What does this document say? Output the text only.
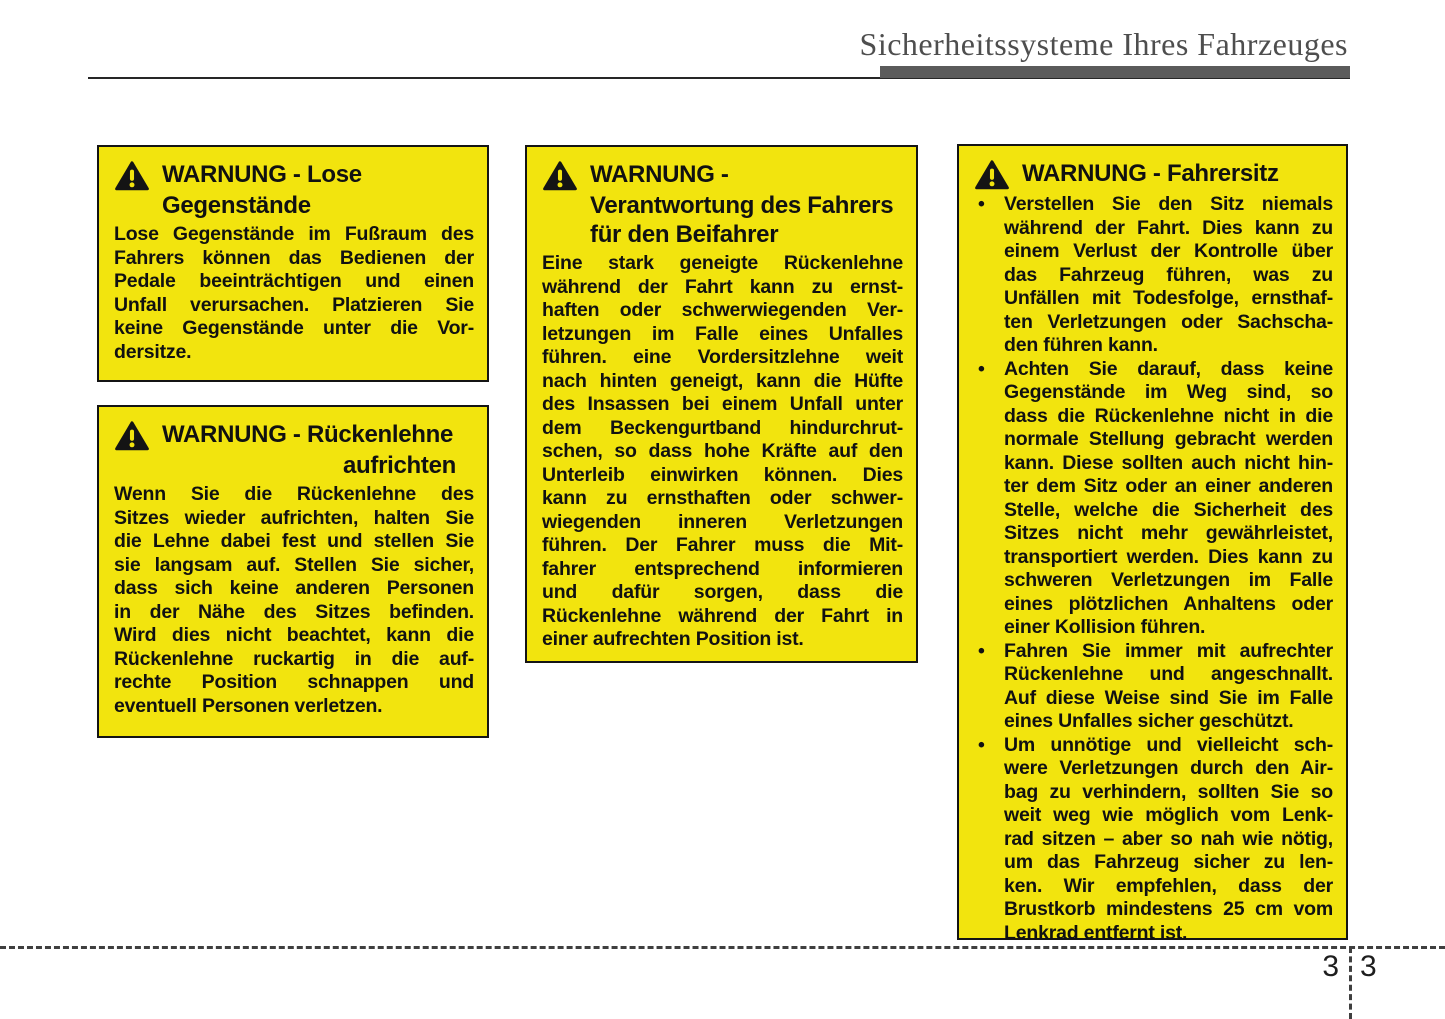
Sicherheitssysteme Ihres Fahrzeuges
WARNUNG - Lose
Gegenstände
Lose Gegenstände im Fußraum des
Fahrers können das Bedienen der
Pedale beeinträchtigen und einen
Unfall verursachen. Platzieren Sie
keine Gegenstände unter die Vor-
dersitze.
WARNUNG - Rückenlehne
aufrichten
Wenn Sie die Rückenlehne des
Sitzes wieder aufrichten, halten Sie
die Lehne dabei fest und stellen Sie
sie langsam auf. Stellen Sie sicher,
dass sich keine anderen Personen
in der Nähe des Sitzes befinden.
Wird dies nicht beachtet, kann die
Rückenlehne ruckartig in die auf-
rechte Position schnappen und
eventuell Personen verletzen.
WARNUNG -
Verantwortung des Fahrers
für den Beifahrer
Eine stark geneigte Rückenlehne
während der Fahrt kann zu ernst-
haften oder schwerwiegenden Ver-
letzungen im Falle eines Unfalles
führen. eine Vordersitzlehne weit
nach hinten geneigt, kann die Hüfte
des Insassen bei einem Unfall unter
dem Beckengurtband hindurchrut-
schen, so dass hohe Kräfte auf den
Unterleib einwirken können. Dies
kann zu ernsthaften oder schwer-
wiegenden inneren Verletzungen
führen. Der Fahrer muss die Mit-
fahrer entsprechend informieren
und dafür sorgen, dass die
Rückenlehne während der Fahrt in
einer aufrechten Position ist.
WARNUNG - Fahrersitz
• Verstellen Sie den Sitz niemals
während der Fahrt. Dies kann zu
einem Verlust der Kontrolle über
das Fahrzeug führen, was zu
Unfällen mit Todesfolge, ernsthaf-
ten Verletzungen oder Sachscha-
den führen kann.
• Achten Sie darauf, dass keine
Gegenstände im Weg sind, so
dass die Rückenlehne nicht in die
normale Stellung gebracht werden
kann. Diese sollten auch nicht hin-
ter dem Sitz oder an einer anderen
Stelle, welche die Sicherheit des
Sitzes nicht mehr gewährleistet,
transportiert werden. Dies kann zu
schweren Verletzungen im Falle
eines plötzlichen Anhaltens oder
einer Kollision führen.
• Fahren Sie immer mit aufrechter
Rückenlehne und angeschnallt.
Auf diese Weise sind Sie im Falle
eines Unfalles sicher geschützt.
• Um unnötige und vielleicht sch-
were Verletzungen durch den Air-
bag zu verhindern, sollten Sie so
weit weg wie möglich vom Lenk-
rad sitzen – aber so nah wie nötig,
um das Fahrzeug sicher zu len-
ken. Wir empfehlen, dass der
Brustkorb mindestens 25 cm vom
Lenkrad entfernt ist.
3 3
